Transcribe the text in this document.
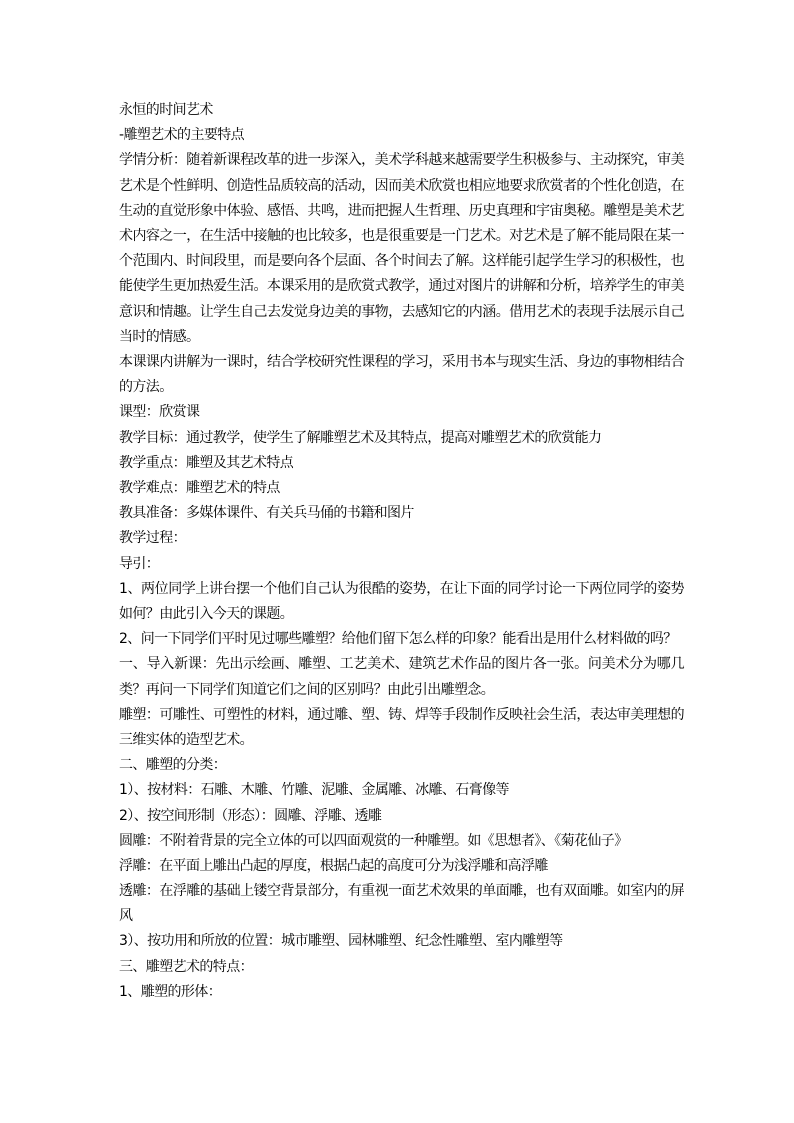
永恒的时间艺术
-雕塑艺术的主要特点
学情分析：随着新课程改革的进一步深入，美术学科越来越需要学生积极参与、主动探究，审美艺术是个性鲜明、创造性品质较高的活动，因而美术欣赏也相应地要求欣赏者的个性化创造，在生动的直觉形象中体验、感悟、共鸣，进而把握人生哲理、历史真理和宇宙奥秘。雕塑是美术艺术内容之一，在生活中接触的也比较多，也是很重要是一门艺术。对艺术是了解不能局限在某一个范围内、时间段里，而是要向各个层面、各个时间去了解。这样能引起学生学习的积极性，也能使学生更加热爱生活。本课采用的是欣赏式教学，通过对图片的讲解和分析，培养学生的审美意识和情趣。让学生自己去发觉身边美的事物，去感知它的内涵。借用艺术的表现手法展示自己当时的情感。
本课课内讲解为一课时，结合学校研究性课程的学习，采用书本与现实生活、身边的事物相结合的方法。
课型：欣赏课
教学目标：通过教学，使学生了解雕塑艺术及其特点，提高对雕塑艺术的欣赏能力
教学重点：雕塑及其艺术特点
教学难点：雕塑艺术的特点
教具准备：多媒体课件、有关兵马俑的书籍和图片
教学过程：
导引：
1、两位同学上讲台摆一个他们自己认为很酷的姿势，在让下面的同学讨论一下两位同学的姿势如何？由此引入今天的课题。
2、问一下同学们平时见过哪些雕塑？给他们留下怎么样的印象？能看出是用什么材料做的吗？
一、导入新课：先出示绘画、雕塑、工艺美术、建筑艺术作品的图片各一张。问美术分为哪几类？再问一下同学们知道它们之间的区别吗？由此引出雕塑念。
雕塑：可雕性、可塑性的材料，通过雕、塑、铸、焊等手段制作反映社会生活，表达审美理想的三维实体的造型艺术。
二、雕塑的分类：
1）、按材料：石雕、木雕、竹雕、泥雕、金属雕、冰雕、石膏像等
2）、按空间形制（形态）：圆雕、浮雕、透雕
圆雕：不附着背景的完全立体的可以四面观赏的一种雕塑。如《思想者》、《菊花仙子》
浮雕：在平面上雕出凸起的厚度，根据凸起的高度可分为浅浮雕和高浮雕
透雕：在浮雕的基础上镂空背景部分，有重视一面艺术效果的单面雕，也有双面雕。如室内的屏风
3）、按功用和所放的位置：城市雕塑、园林雕塑、纪念性雕塑、室内雕塑等
三、雕塑艺术的特点：
1、雕塑的形体：
